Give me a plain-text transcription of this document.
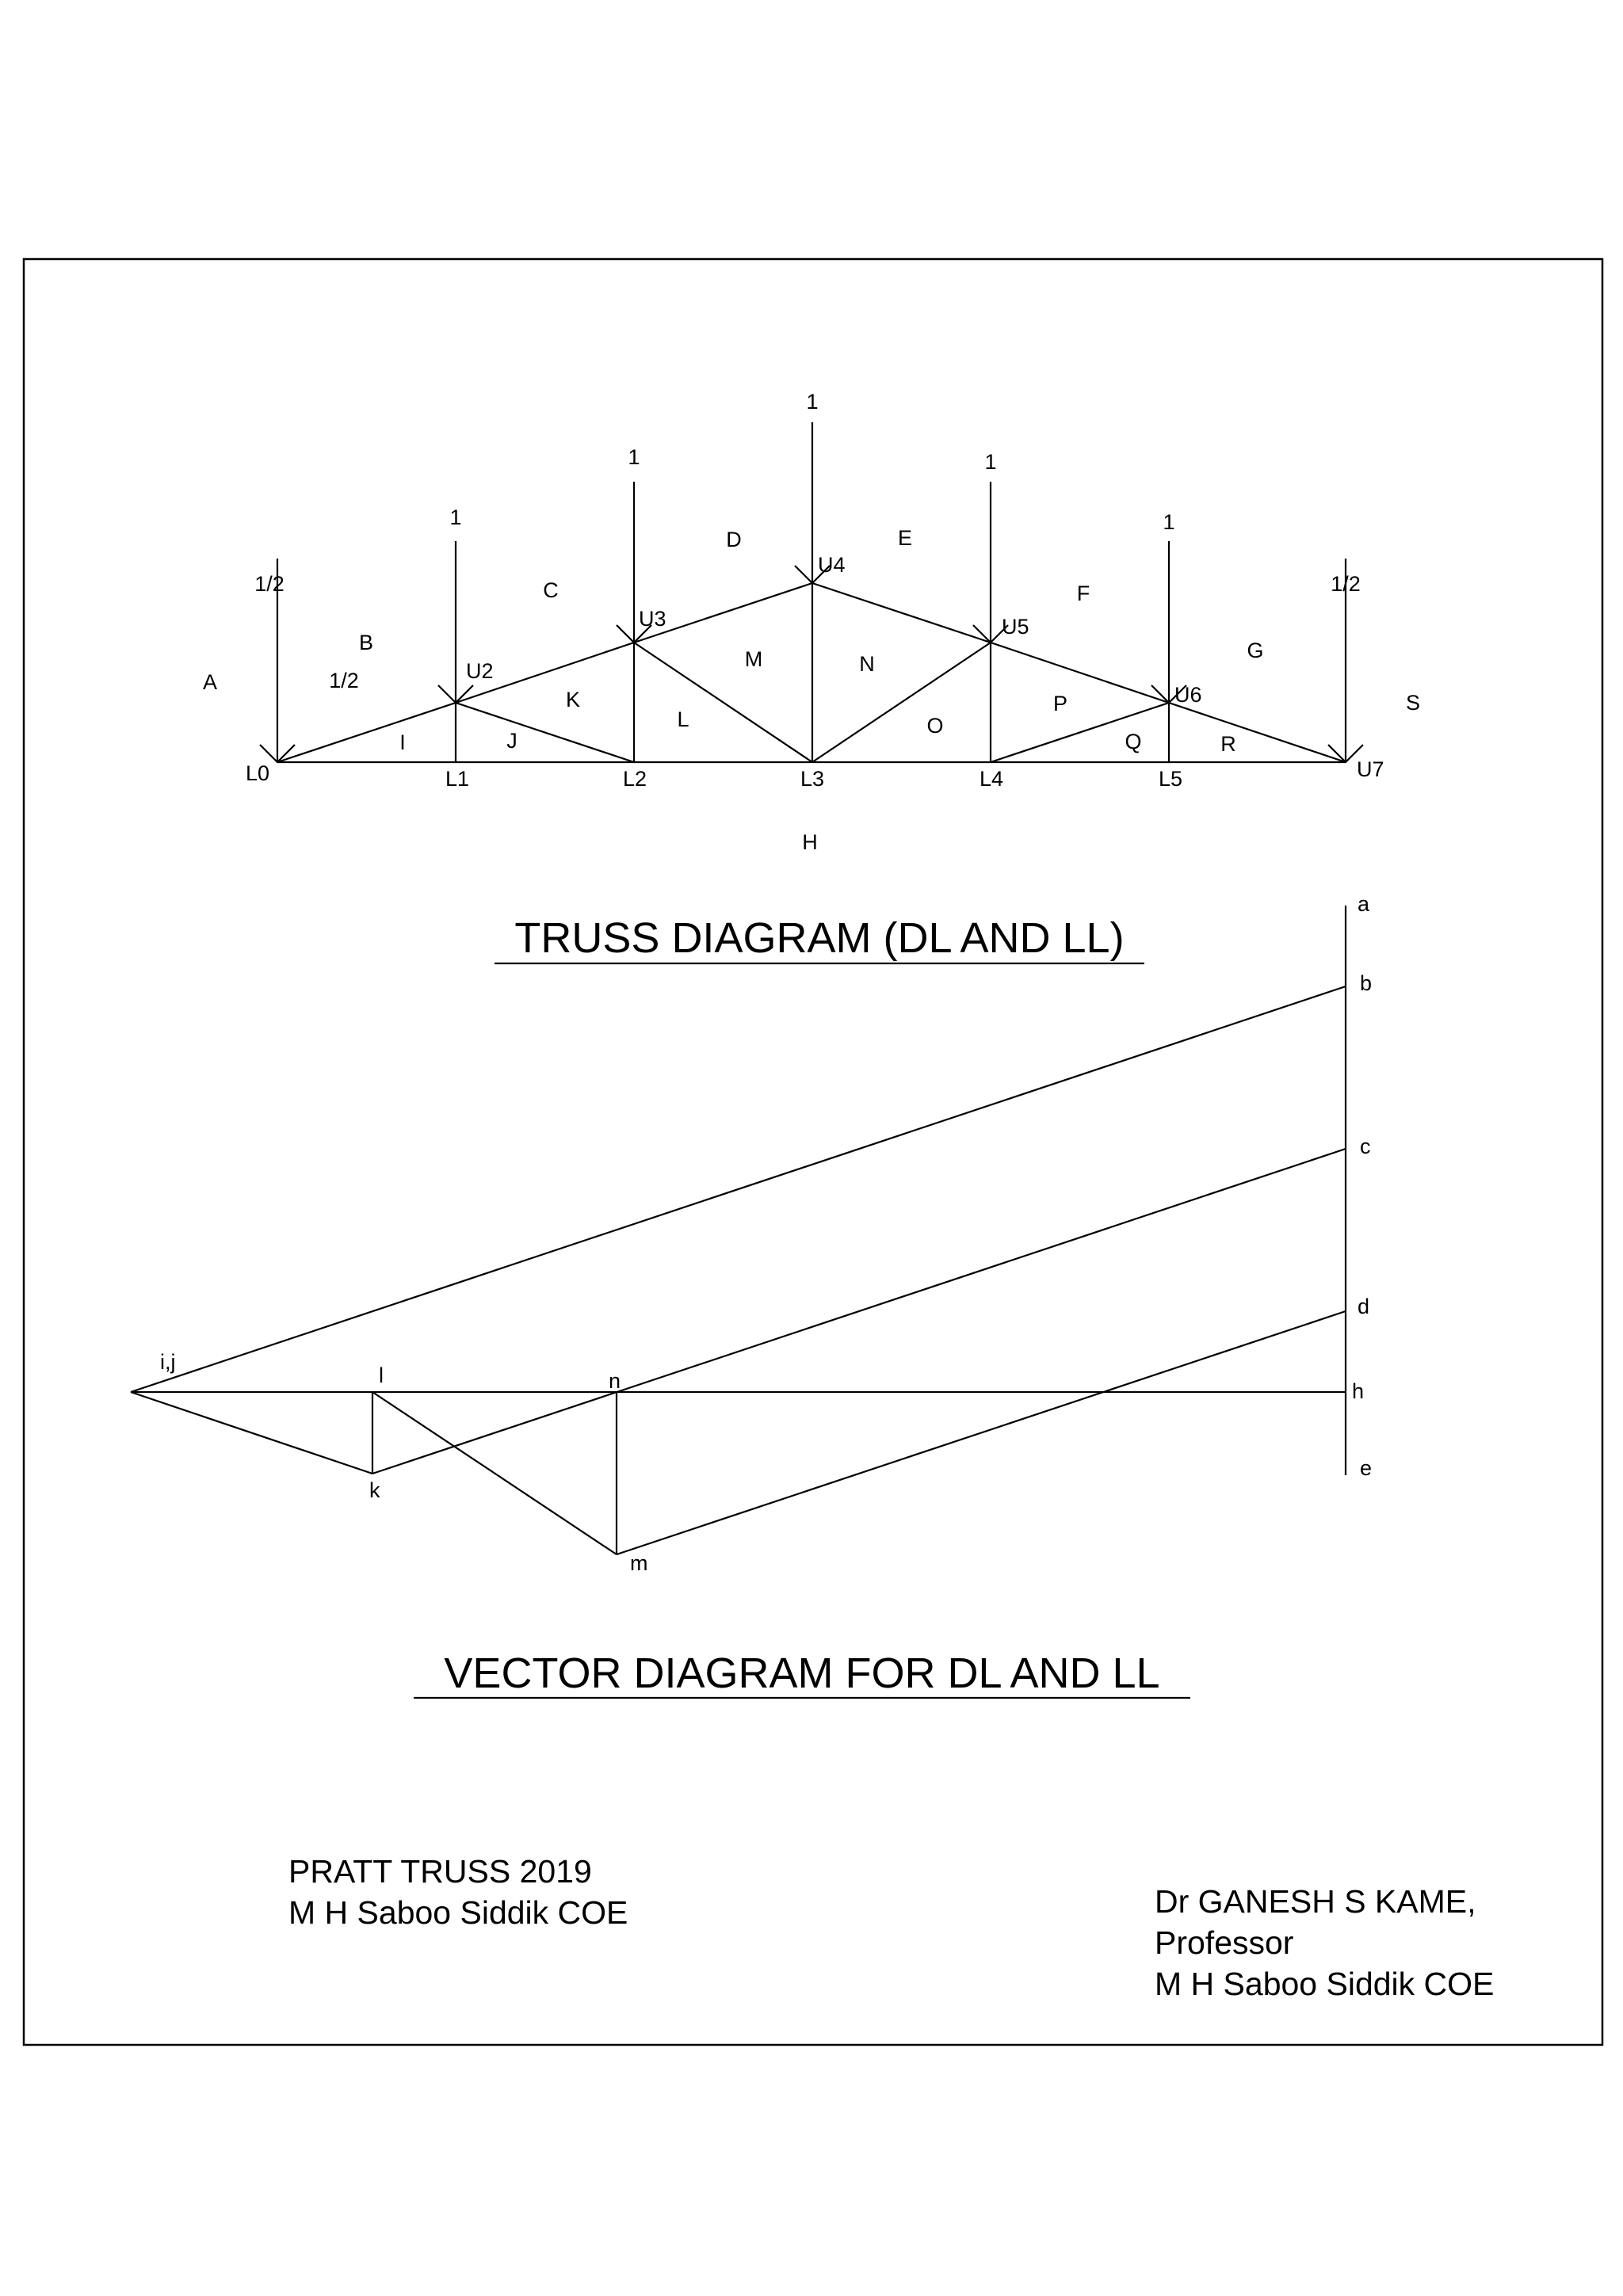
1/2
1
1
1
1
1
1/2
1/2
L0	L1	L2	L3	L4	L5	U7
U2
U3
U4
U5
U6
A
B
C
D	E
F
G
S
H
I	J
K
L
M	N
O
P
Q	R
TRUSS DIAGRAM (DL AND LL)
a
b
c
d
h
e
i,j
l	n
k
m
VECTOR DIAGRAM FOR DL AND LL
PRATT TRUSS 2019
M H Saboo Siddik COE	Dr GANESH S KAME,
Professor
M H Saboo Siddik COE
